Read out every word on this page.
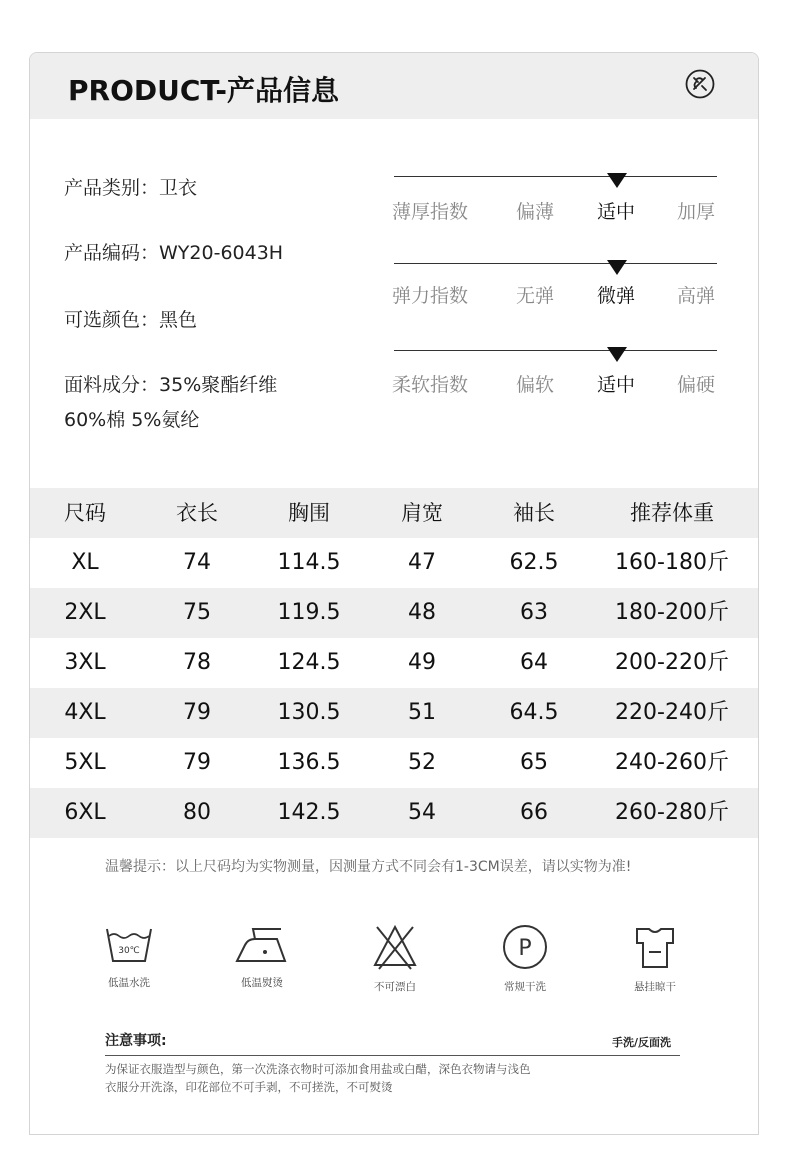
PRODUCT-产品信息
产品类别：卫衣
产品编码：WY20-6043H
可选颜色：黑色
面料成分：35%聚酯纤维
60%棉 5%氨纶
薄厚指数	偏薄 适中 加厚
弹力指数	无弹 微弹 高弹
柔软指数	偏软 适中 偏硬
尺码	衣长	胸围	肩宽	袖长	推荐体重
XL	74	114.5	47	62.5	160-180斤
2XL	75	119.5	48	63	180-200斤
3XL	78	124.5	49	64	200-220斤
4XL	79	130.5	51	64.5	220-240斤
5XL	79	136.5	52	65	240-260斤
6XL	80	142.5	54	66	260-280斤
温馨提示：以上尺码均为实物测量，因测量方式不同会有1-3CM误差，请以实物为准!
30℃
低温水洗	低温熨烫	不可漂白
P
常规干洗	悬挂晾干
注意事项:	手洗/反面洗
为保证衣服造型与颜色，第一次洗涤衣物时可添加食用盐或白醋，深色衣物请与浅色
衣服分开洗涤，印花部位不可手剥，不可搓洗，不可熨烫
